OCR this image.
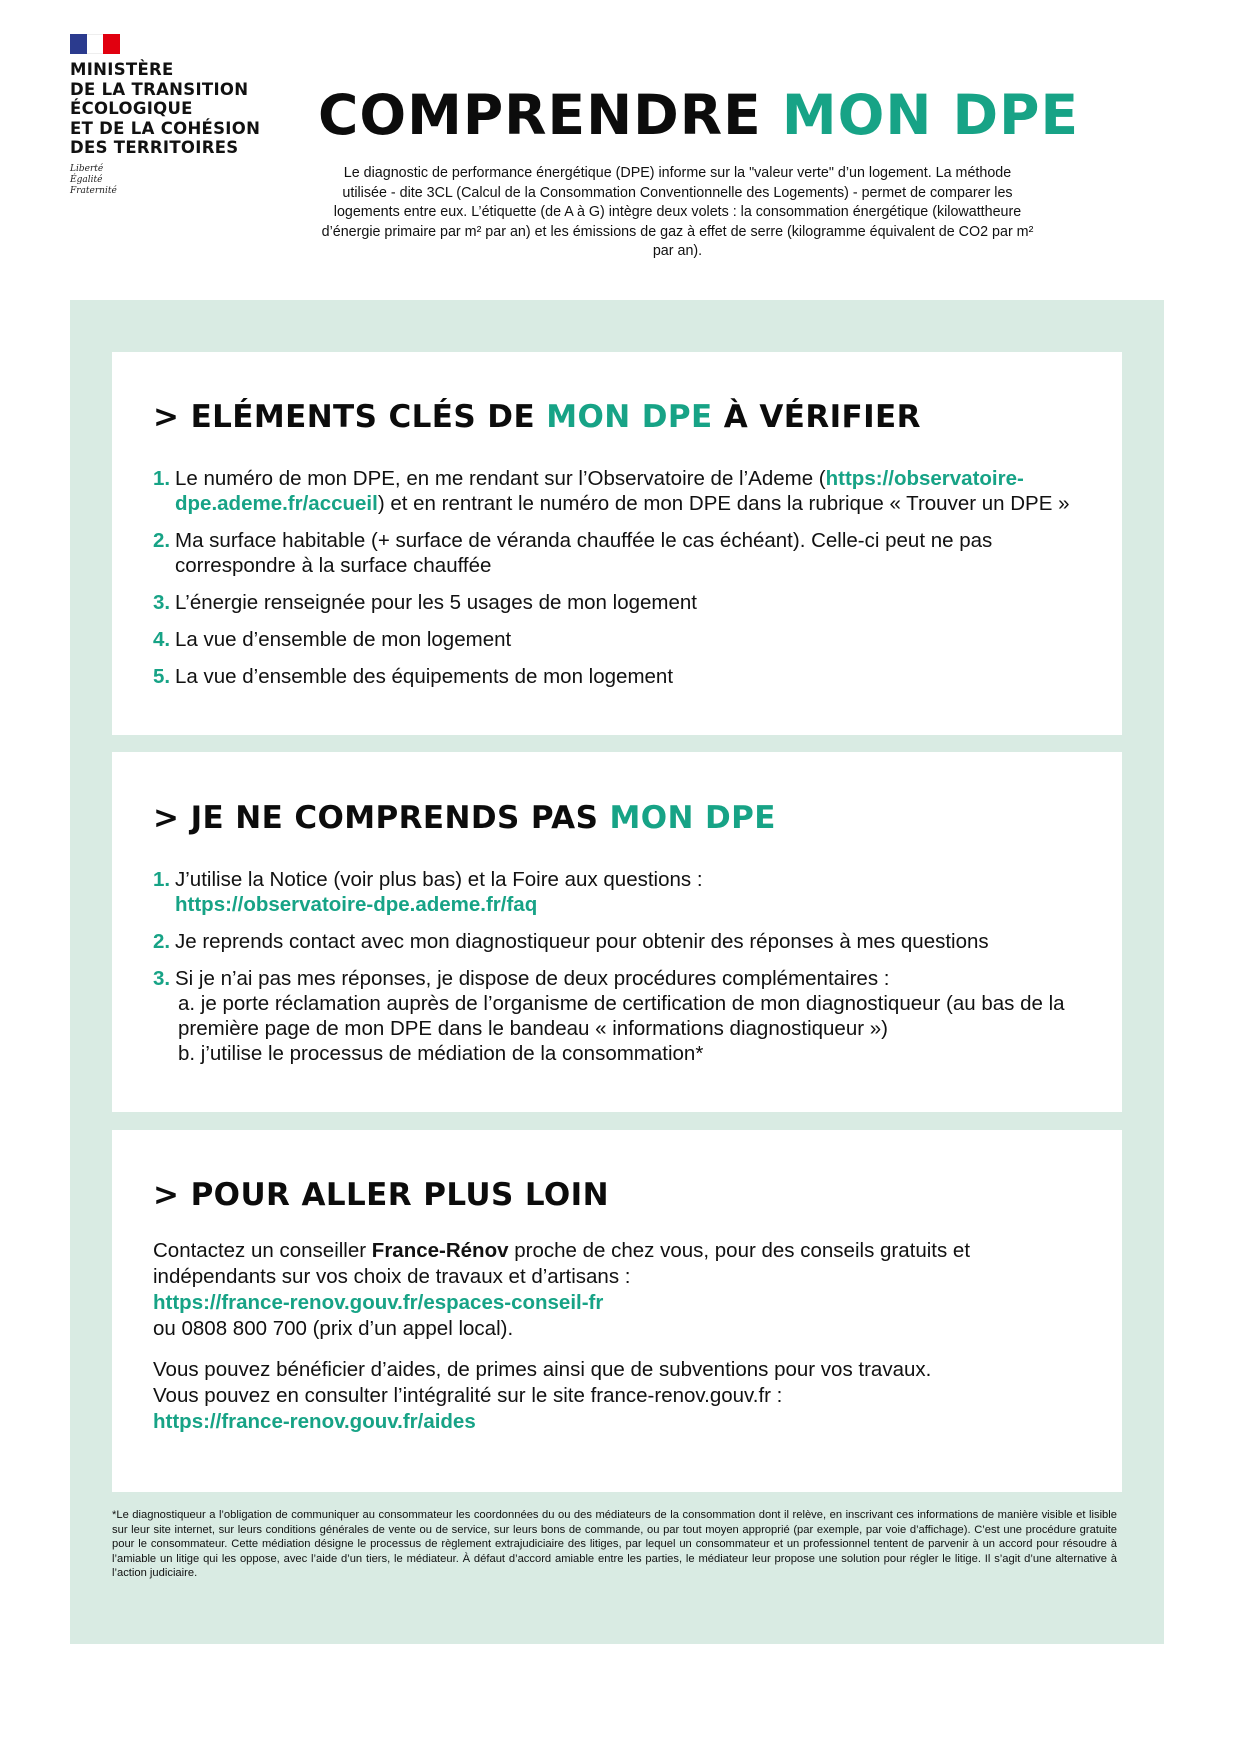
MINISTÈRE
DE LA TRANSITION
ÉCOLOGIQUE
ET DE LA COHÉSION
DES TERRITOIRES
Liberté
Égalité
Fraternité
COMPRENDRE MON DPE
Le diagnostic de performance énergétique (DPE) informe sur la "valeur verte" d’un logement. La méthode utilisée - dite 3CL (Calcul de la Consommation Conventionnelle des Logements) - permet de comparer les logements entre eux. L’étiquette (de A à G) intègre deux volets : la consommation énergétique (kilowattheure d’énergie primaire par m² par an) et les émissions de gaz à effet de serre (kilogramme équivalent de CO2 par m² par an).
> ELÉMENTS CLÉS DE MON DPE À VÉRIFIER
1. Le numéro de mon DPE, en me rendant sur l’Observatoire de l’Ademe (https://observatoire-dpe.ademe.fr/accueil) et en rentrant le numéro de mon DPE dans la rubrique « Trouver un DPE »
2. Ma surface habitable (+ surface de véranda chauffée le cas échéant). Celle-ci peut ne pas correspondre à la surface chauffée
3. L’énergie renseignée pour les 5 usages de mon logement
4. La vue d’ensemble de mon logement
5. La vue d’ensemble des équipements de mon logement
> JE NE COMPRENDS PAS MON DPE
1. J’utilise la Notice (voir plus bas) et la Foire aux questions :
https://observatoire-dpe.ademe.fr/faq
2. Je reprends contact avec mon diagnostiqueur pour obtenir des réponses à mes questions
3. Si je n’ai pas mes réponses, je dispose de deux procédures complémentaires :
a. je porte réclamation auprès de l’organisme de certification de mon diagnostiqueur (au bas de la première page de mon DPE dans le bandeau « informations diagnostiqueur »)
b. j’utilise le processus de médiation de la consommation*
> POUR ALLER PLUS LOIN
Contactez un conseiller France-Rénov proche de chez vous, pour des conseils gratuits et indépendants sur vos choix de travaux et d’artisans :
https://france-renov.gouv.fr/espaces-conseil-fr
ou 0808 800 700 (prix d’un appel local).
Vous pouvez bénéficier d’aides, de primes ainsi que de subventions pour vos travaux.
Vous pouvez en consulter l’intégralité sur le site france-renov.gouv.fr :
https://france-renov.gouv.fr/aides
*Le diagnostiqueur a l’obligation de communiquer au consommateur les coordonnées du ou des médiateurs de la consommation dont il relève, en inscrivant ces informations de manière visible et lisible sur leur site internet, sur leurs conditions générales de vente ou de service, sur leurs bons de commande, ou par tout moyen approprié (par exemple, par voie d’affichage). C’est une procédure gratuite pour le consommateur. Cette médiation désigne le processus de règlement extrajudiciaire des litiges, par lequel un consommateur et un professionnel tentent de parvenir à un accord pour résoudre à l’amiable un litige qui les oppose, avec l’aide d’un tiers, le médiateur. À défaut d’accord amiable entre les parties, le médiateur leur propose une solution pour régler le litige. Il s’agit d’une alternative à l’action judiciaire.
